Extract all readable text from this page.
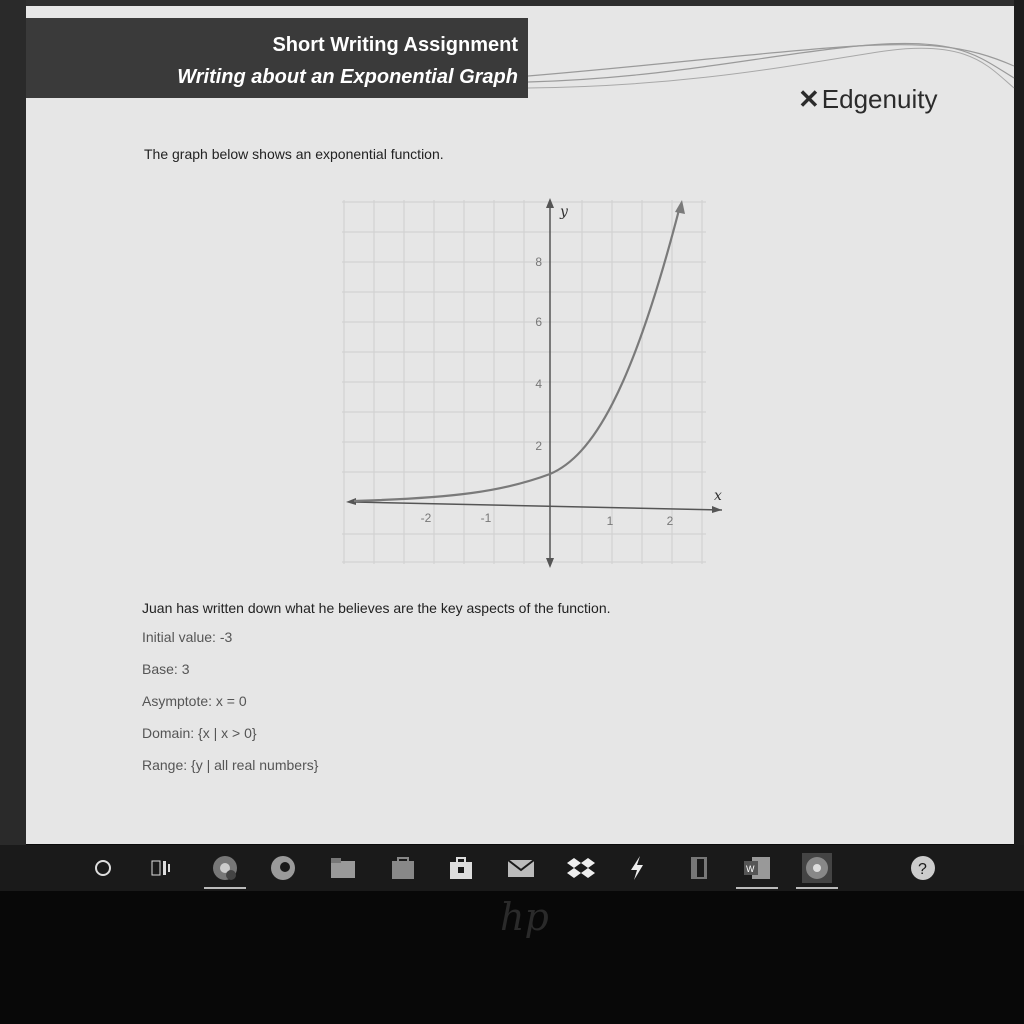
Short Writing Assignment
Writing about an Exponential Graph
✕ Edgenuity
The graph below shows an exponential function.
y
x
8
6
4
2
-2	-1	1	2
Juan has written down what he believes are the key aspects of the function.
Initial value: -3
Base: 3
Asymptote: x = 0
Domain: {x | x > 0}
Range: {y | all real numbers}
W	?
hp
